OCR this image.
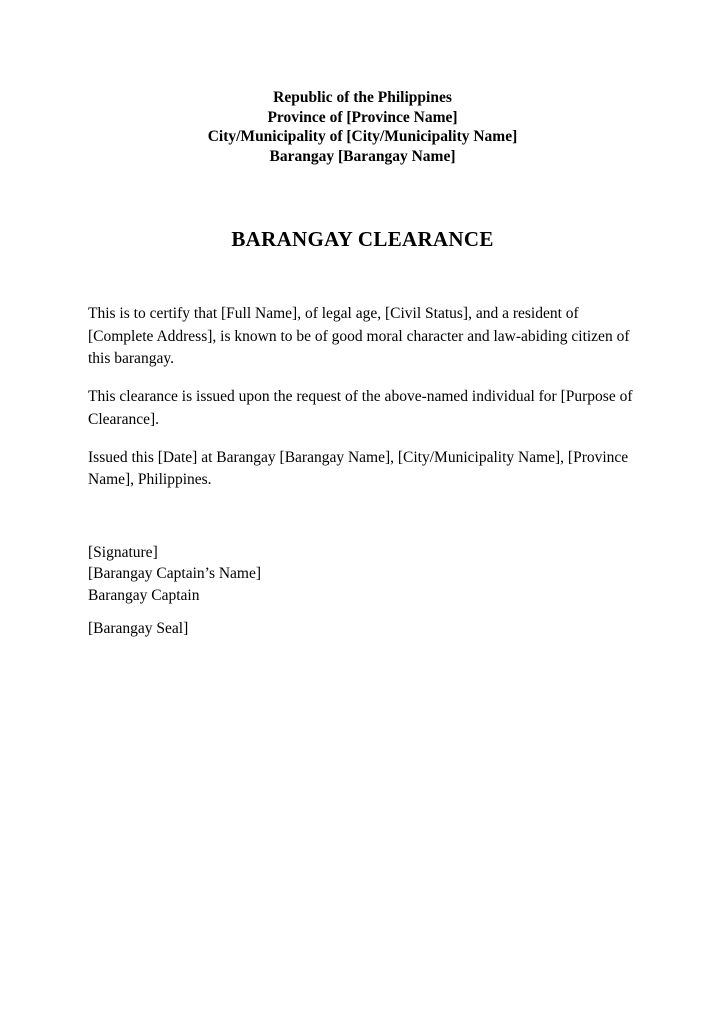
Republic of the Philippines
Province of [Province Name]
City/Municipality of [City/Municipality Name]
Barangay [Barangay Name]
BARANGAY CLEARANCE

This is to certify that [Full Name], of legal age, [Civil Status], and a resident of [Complete Address], is known to be of good moral character and law-abiding citizen of this barangay.

This clearance is issued upon the request of the above-named individual for [Purpose of Clearance].

Issued this [Date] at Barangay [Barangay Name], [City/Municipality Name], [Province Name], Philippines.

[Signature]
[Barangay Captain’s Name]
Barangay Captain
[Barangay Seal]
